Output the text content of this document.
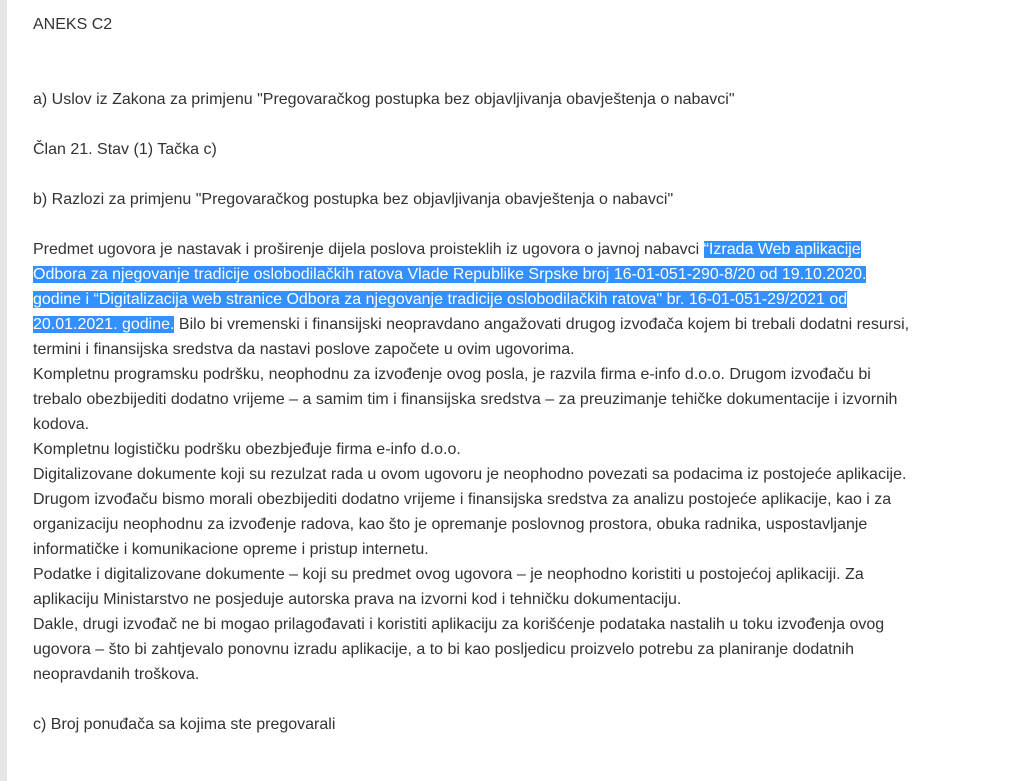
ANEKS C2

a) Uslov iz Zakona za primjenu "Pregovaračkog postupka bez objavljivanja obavještenja o nabavci"

Član 21. Stav (1) Tačka c)

b) Razlozi za primjenu "Pregovaračkog postupka bez objavljivanja obavještenja o nabavci"

Predmet ugovora je nastavak i proširenje dijela poslova proisteklih iz ugovora o javnoj nabavci “Izrada Web aplikacije Odbora za njegovanje tradicije oslobodilačkih ratova Vlade Republike Srpske broj 16-01-051-290-8/20 od 19.10.2020. godine i “Digitalizacija web stranice Odbora za njegovanje tradicije oslobodilačkih ratova" br. 16-01-051-29/2021 od 20.01.2021. godine. Bilo bi vremenski i finansijski neopravdano angažovati drugog izvođača kojem bi trebali dodatni resursi, termini i finansijska sredstva da nastavi poslove započete u ovim ugovorima.

Kompletnu programsku podršku, neophodnu za izvođenje ovog posla, je razvila firma e-info d.o.o. Drugom izvođaču bi trebalo obezbijediti dodatno vrijeme – a samim tim i finansijska sredstva – za preuzimanje tehičke dokumentacije i izvornih kodova.

Kompletnu logističku podršku obezbjeđuje firma e-info d.o.o.

Digitalizovane dokumente koji su rezulzat rada u ovom ugovoru je neophodno povezati sa podacima iz postojeće aplikacije. Drugom izvođaču bismo morali obezbijediti dodatno vrijeme i finansijska sredstva za analizu postojeće aplikacije, kao i za organizaciju neophodnu za izvođenje radova, kao što je opremanje poslovnog prostora, obuka radnika, uspostavljanje informatičke i komunikacione opreme i pristup internetu.

Podatke i digitalizovane dokumente – koji su predmet ovog ugovora – je neophodno koristiti u postojećoj aplikaciji. Za aplikaciju Ministarstvo ne posjeduje autorska prava na izvorni kod i tehničku dokumentaciju.

Dakle, drugi izvođač ne bi mogao prilagođavati i koristiti aplikaciju za korišćenje podataka nastalih u toku izvođenja ovog ugovora – što bi zahtjevalo ponovnu izradu aplikacije, a to bi kao posljedicu proizvelo potrebu za planiranje dodatnih neopravdanih troškova.

c) Broj ponuđača sa kojima ste pregovarali
